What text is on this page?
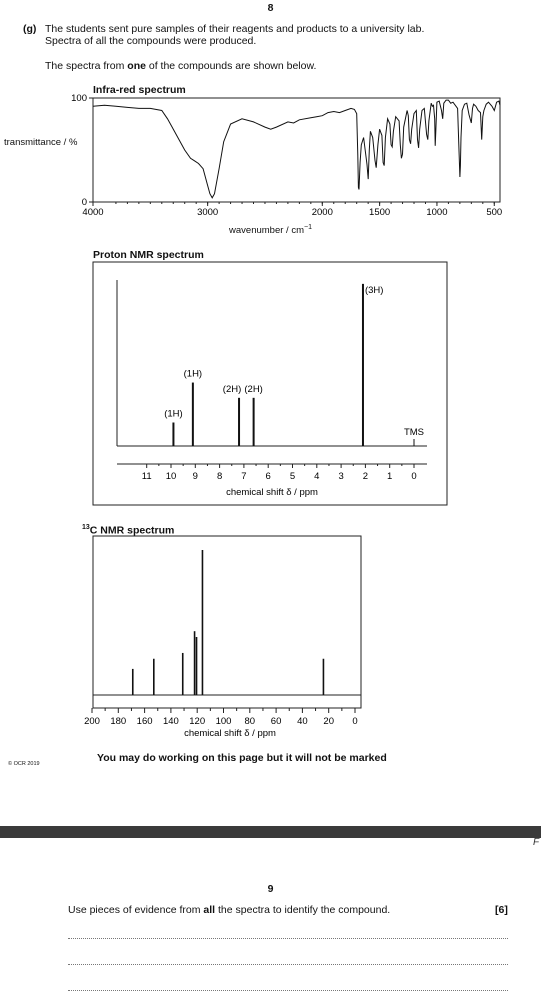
8
(g) The students sent pure samples of their reagents and products to a university lab.
Spectra of all the compounds were produced.
The spectra from one of the compounds are shown below.
Infra-red spectrum
transmittance / %
100
0
4000	3000	2000	1500	1000	500
wavenumber / $cm^{-1}$
Proton NMR spectrum
11 10 9 8 7 6 5 4 3 2 1 0
chemical shift δ / ppm
(1H)
(1H)
(2H) (2H)
(3H)
TMS
$^{13}$C NMR spectrum
200 180 160 140 120 100 80 60 40 20 0
chemical shift δ / ppm
© OCR 2019	You may do working on this page but it will not be marked
F
9
Use pieces of evidence from all the spectra to identify the compound.	[6]
